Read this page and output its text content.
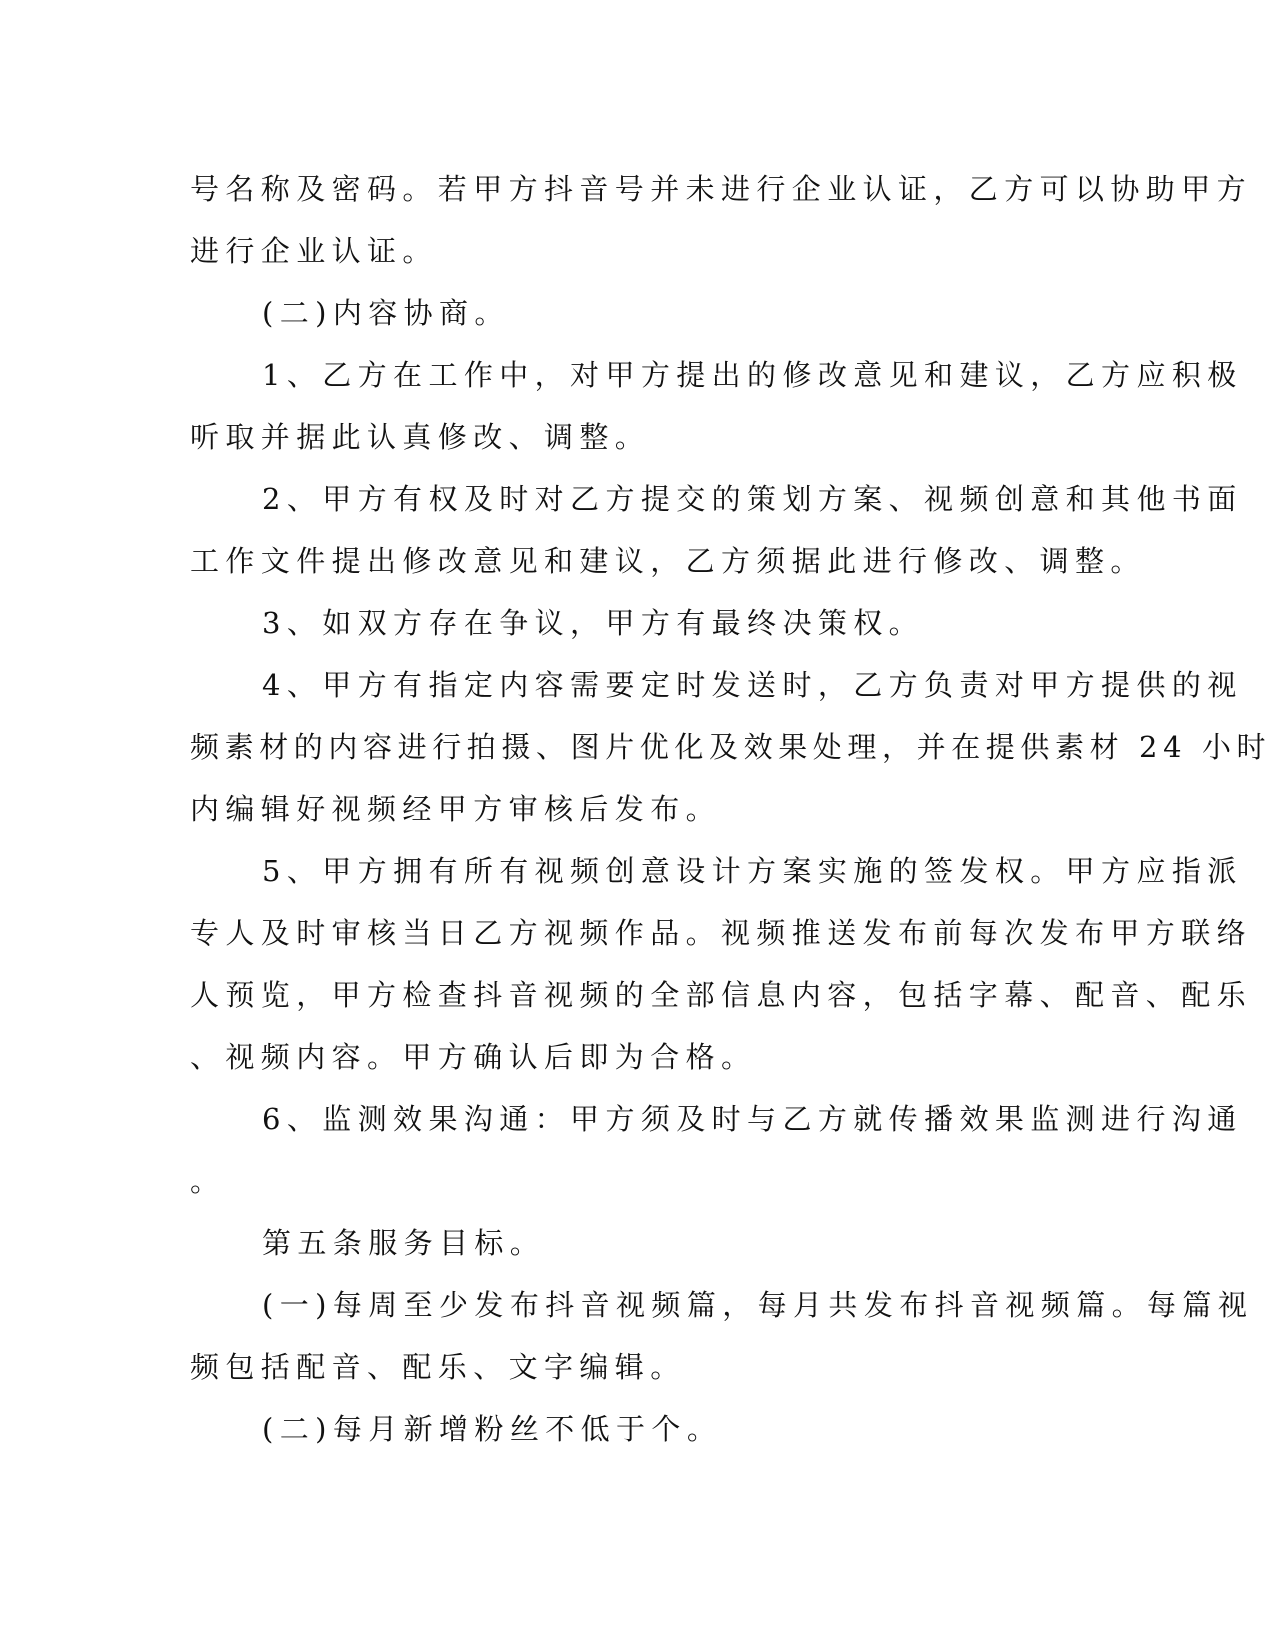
号名称及密码。若甲方抖音号并未进行企业认证，乙方可以协助甲方
进行企业认证。
(二)内容协商。
1、乙方在工作中，对甲方提出的修改意见和建议，乙方应积极
听取并据此认真修改、调整。
2、甲方有权及时对乙方提交的策划方案、视频创意和其他书面
工作文件提出修改意见和建议，乙方须据此进行修改、调整。
3、如双方存在争议，甲方有最终决策权。
4、甲方有指定内容需要定时发送时，乙方负责对甲方提供的视
频素材的内容进行拍摄、图片优化及效果处理，并在提供素材 24 小时
内编辑好视频经甲方审核后发布。
5、甲方拥有所有视频创意设计方案实施的签发权。甲方应指派
专人及时审核当日乙方视频作品。视频推送发布前每次发布甲方联络
人预览，甲方检查抖音视频的全部信息内容，包括字幕、配音、配乐
、视频内容。甲方确认后即为合格。
6、监测效果沟通：甲方须及时与乙方就传播效果监测进行沟通
。
第五条服务目标。
(一)每周至少发布抖音视频篇，每月共发布抖音视频篇。每篇视
频包括配音、配乐、文字编辑。
(二)每月新增粉丝不低于个。
